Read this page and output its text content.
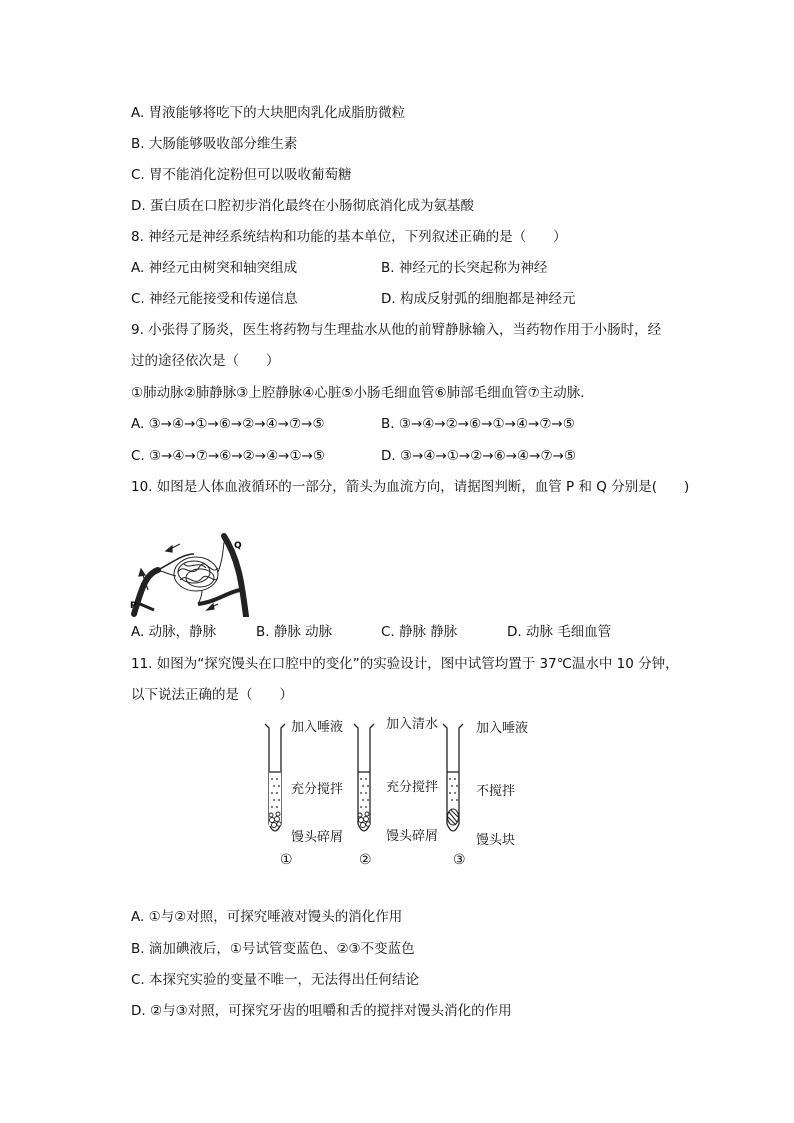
A. 胃液能够将吃下的大块肥肉乳化成脂肪微粒
B. 大肠能够吸收部分维生素
C. 胃不能消化淀粉但可以吸收葡萄糖
D. 蛋白质在口腔初步消化最终在小肠彻底消化成为氨基酸
8. 神经元是神经系统结构和功能的基本单位，下列叙述正确的是（　　）
A. 神经元由树突和轴突组成	B. 神经元的长突起称为神经
C. 神经元能接受和传递信息	D. 构成反射弧的细胞都是神经元
9. 小张得了肠炎，医生将药物与生理盐水从他的前臂静脉输入，当药物作用于小肠时，经
过的途径依次是（　　）
①肺动脉②肺静脉③上腔静脉④心脏⑤小肠毛细血管⑥肺部毛细血管⑦主动脉．
A. ③→④→①→⑥→②→④→⑦→⑤	B. ③→④→②→⑥→①→④→⑦→⑤
C. ③→④→⑦→⑥→②→④→①→⑤	D. ③→④→①→②→⑥→④→⑦→⑤
10. 如图是人体血液循环的一部分，箭头为血流方向，请据图判断，血管 P 和 Q 分别是(　　)
P
Q
A. 动脉，静脉	B. 静脉 动脉	C. 静脉 静脉	D. 动脉 毛细血管
11. 如图为“探究馒头在口腔中的变化”的实验设计，图中试管均置于 37℃温水中 10 分钟，
以下说法正确的是（　　）
加入唾液
充分搅拌
馒头碎屑
①
加入清水
充分搅拌
馒头碎屑
②
加入唾液
不搅拌
馒头块
③
A. ①与②对照，可探究唾液对馒头的消化作用
B. 滴加碘液后，①号试管变蓝色、②③不变蓝色
C. 本探究实验的变量不唯一，无法得出任何结论
D. ②与③对照，可探究牙齿的咀嚼和舌的搅拌对馒头消化的作用
